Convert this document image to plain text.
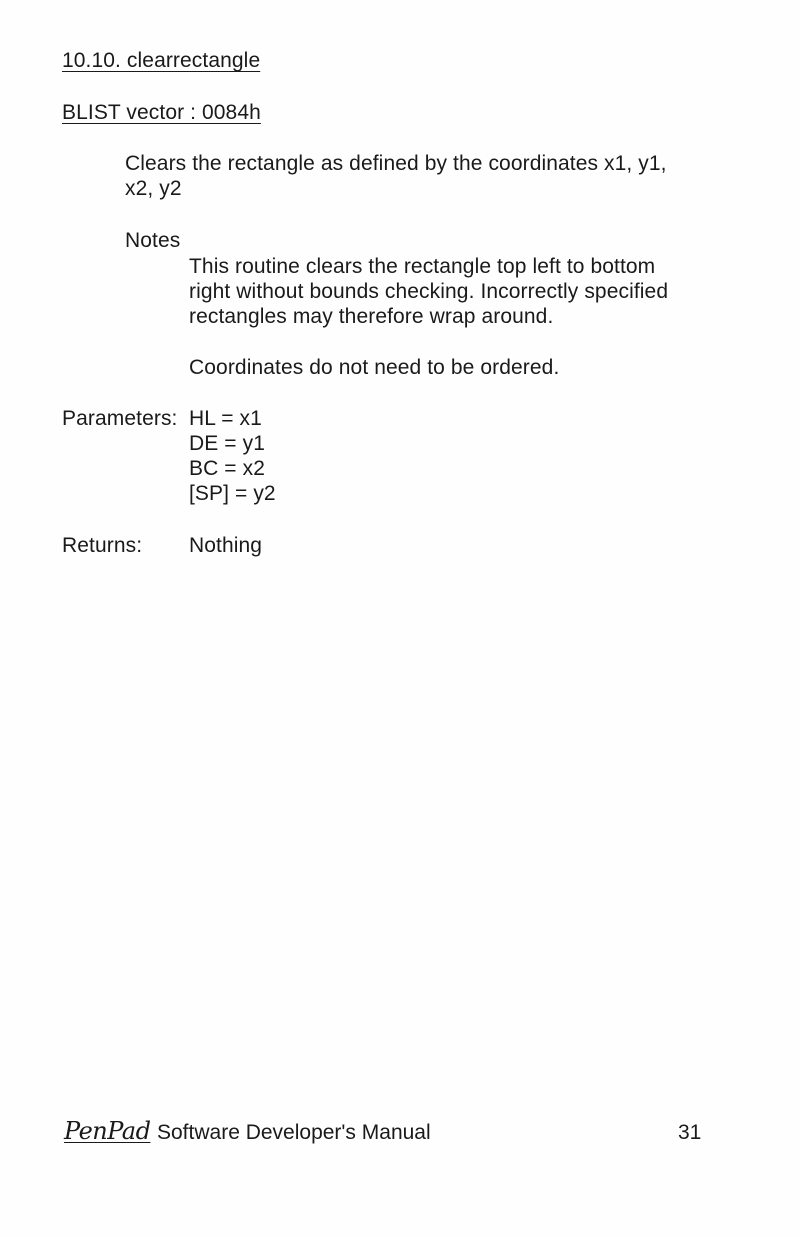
10.10. clearrectangle
BLIST vector : 0084h
Clears the rectangle as defined by the coordinates x1, y1,
x2, y2
Notes
This routine clears the rectangle top left to bottom
right without bounds checking. Incorrectly specified
rectangles may therefore wrap around.
Coordinates do not need to be ordered.
Parameters: HL = x1
DE = y1
BC = x2
[SP] = y2
Returns: Nothing
PenPad Software Developer's Manual	31
